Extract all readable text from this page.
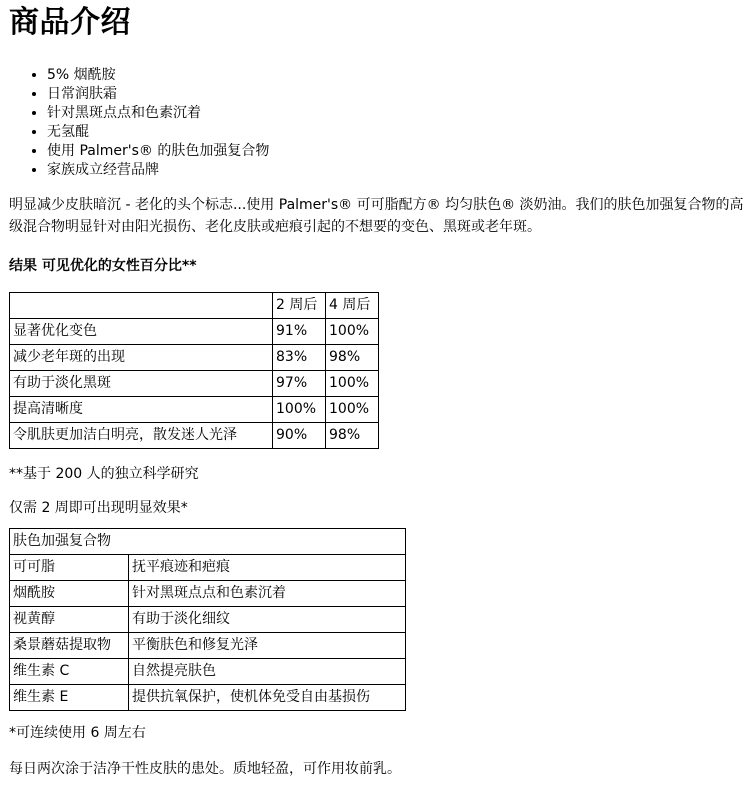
商品介绍
• 5% 烟酰胺
• 日常润肤霜
• 针对黑斑点点和色素沉着
• 无氢醌
• 使用 Palmer's® 的肤色加强复合物
• 家族成立经营品牌

明显减少皮肤暗沉 - 老化的头个标志...使用 Palmer's® 可可脂配方® 均匀肤色® 淡奶油。我们的肤色加强复合物的高级混合物明显针对由阳光损伤、老化皮肤或疤痕引起的不想要的变色、黑斑或老年斑。

结果 可见优化的女性百分比**

	2 周后	4 周后
显著优化变色	91%	100%
减少老年斑的出现	83%	98%
有助于淡化黑斑	97%	100%
提高清晰度	100%	100%
令肌肤更加洁白明亮，散发迷人光泽	90%	98%

**基于 200 人的独立科学研究

仅需 2 周即可出现明显效果*

肤色加强复合物	
可可脂	抚平痕迹和疤痕
烟酰胺	针对黑斑点点和色素沉着
视黄醇	有助于淡化细纹
桑景蘑菇提取物	平衡肤色和修复光泽
维生素 C	自然提亮肤色
维生素 E	提供抗氧保护，使机体免受自由基损伤

*可连续使用 6 周左右

每日两次涂于洁净干性皮肤的患处。质地轻盈，可作用妆前乳。
